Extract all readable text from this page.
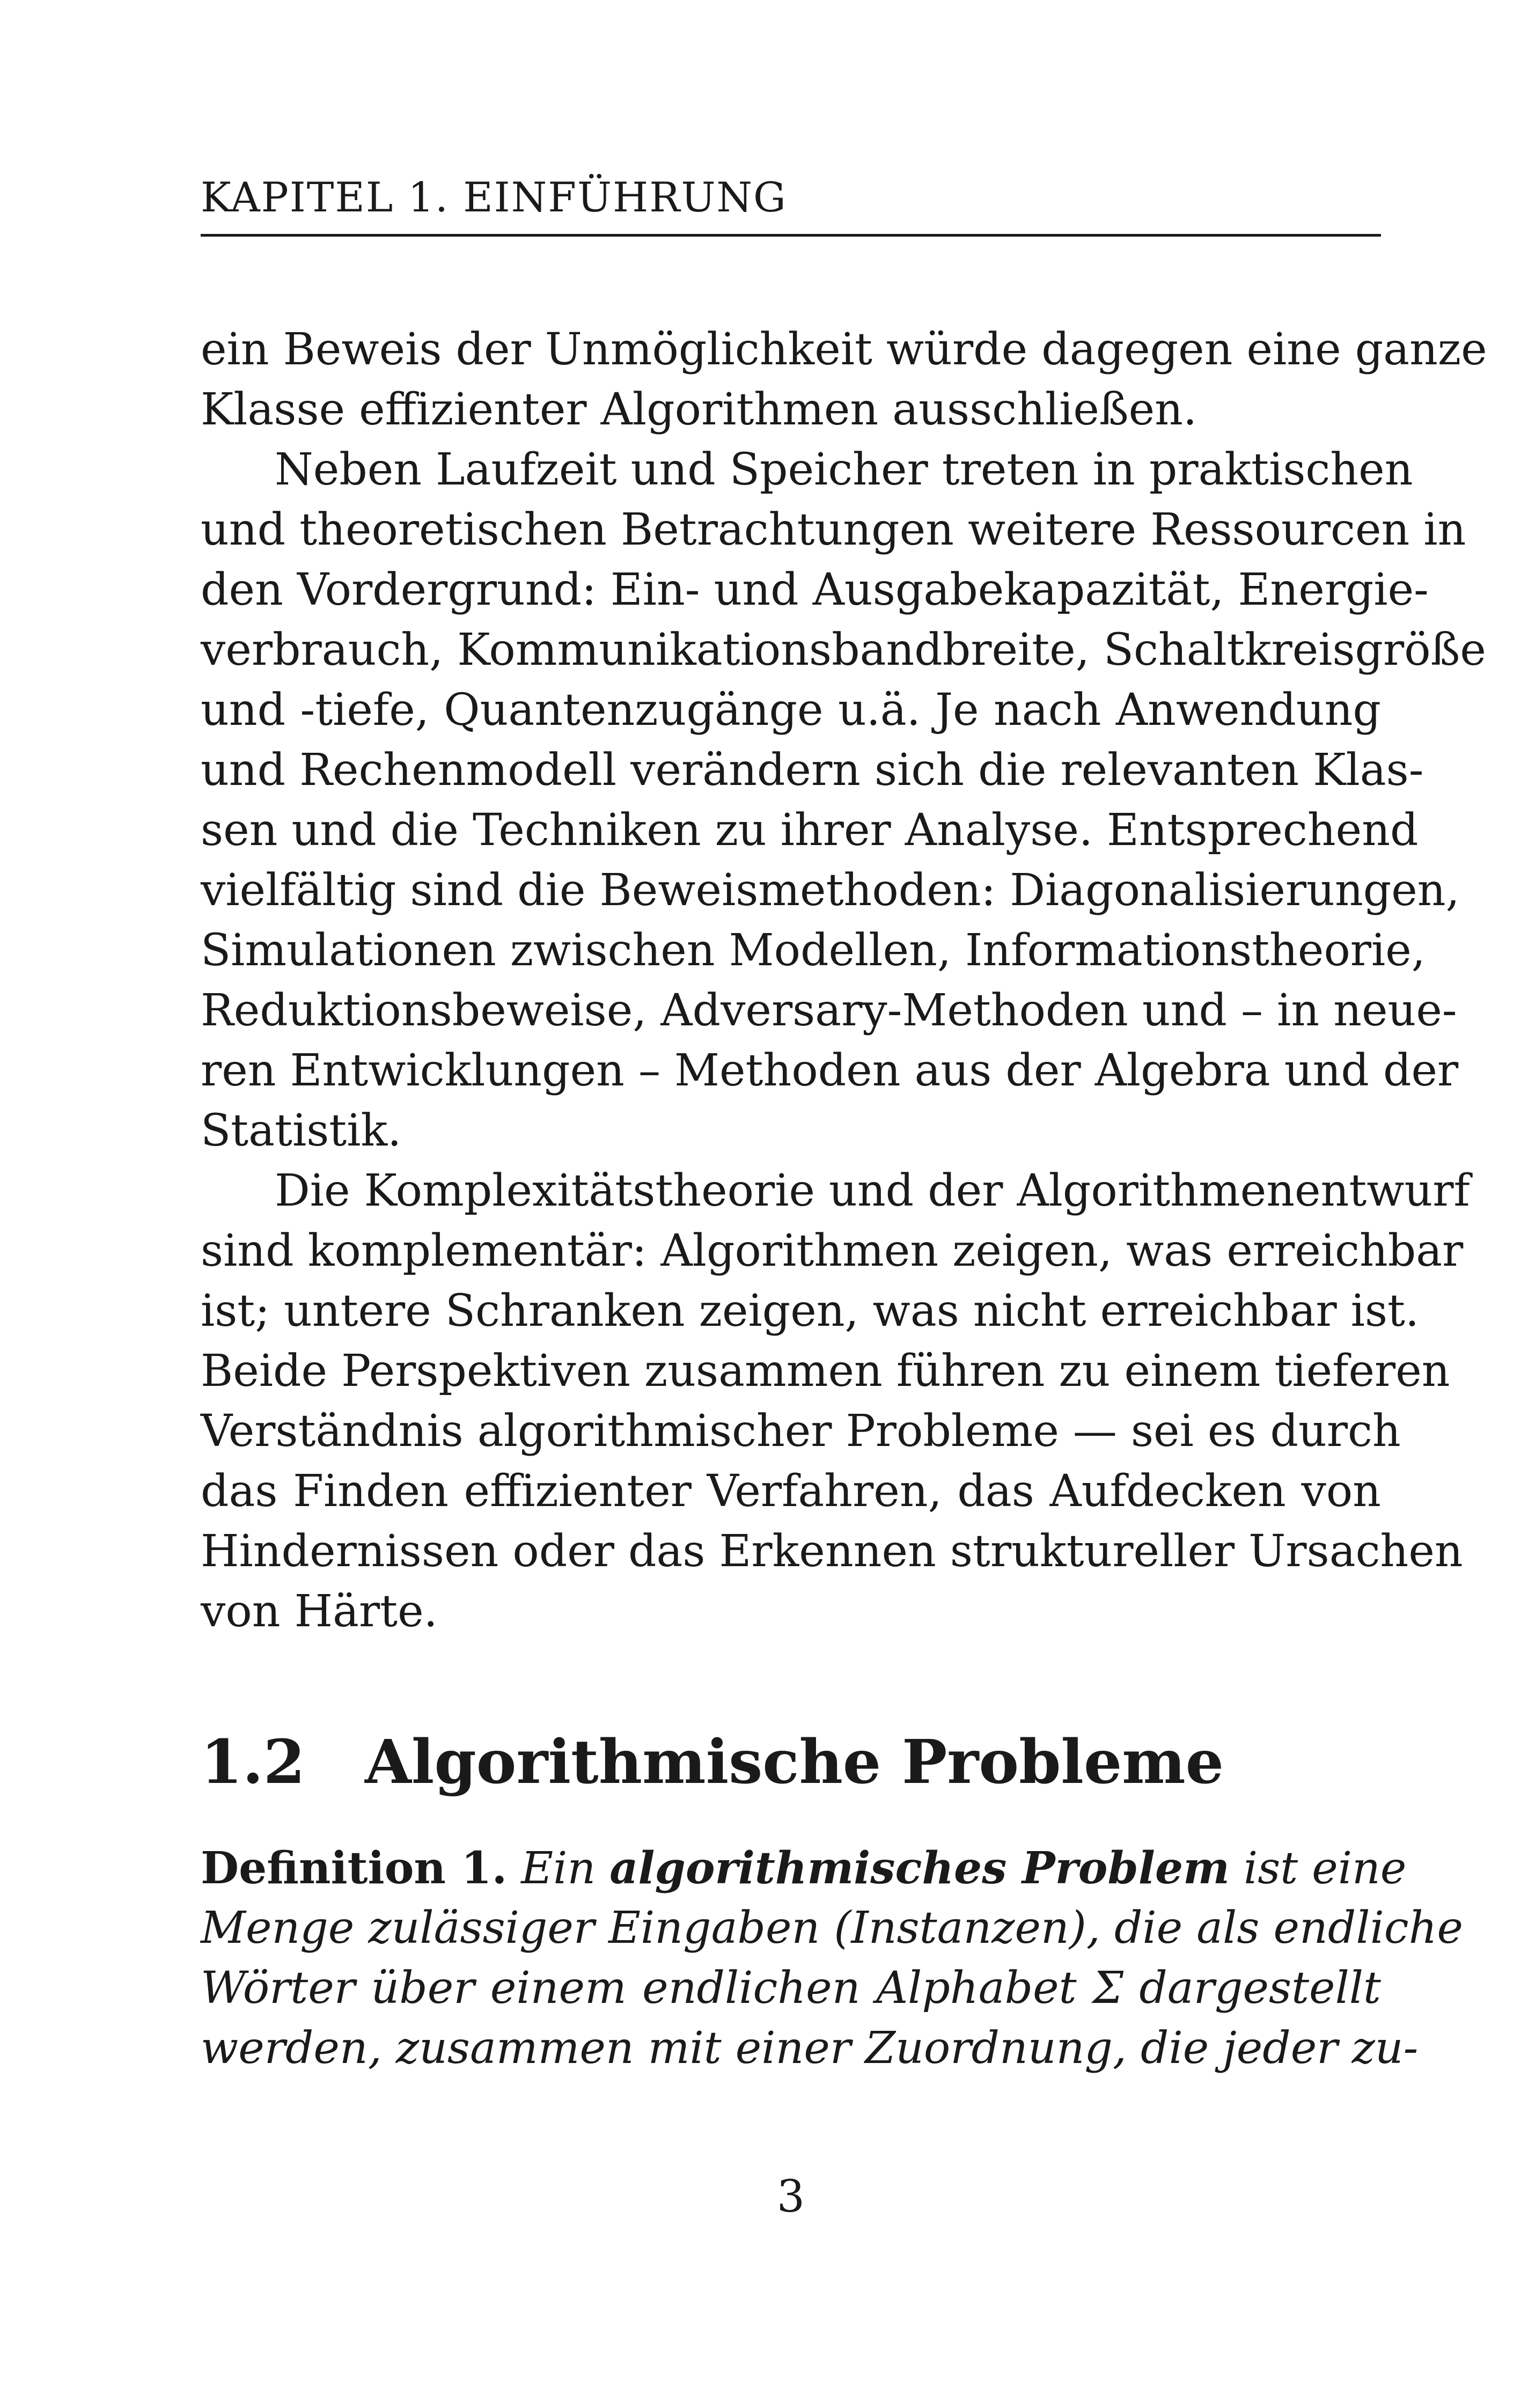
KAPITEL 1. EINFÜHRUNG
ein Beweis der Unmöglichkeit würde dagegen eine ganze
Klasse effizienter Algorithmen ausschließen.
Neben Laufzeit und Speicher treten in praktischen
und theoretischen Betrachtungen weitere Ressourcen in
den Vordergrund: Ein- und Ausgabekapazität, Energie-
verbrauch, Kommunikationsbandbreite, Schaltkreisgröße
und -tiefe, Quantenzugänge u.ä. Je nach Anwendung
und Rechenmodell verändern sich die relevanten Klas-
sen und die Techniken zu ihrer Analyse. Entsprechend
vielfältig sind die Beweismethoden: Diagonalisierungen,
Simulationen zwischen Modellen, Informationstheorie,
Reduktionsbeweise, Adversary-Methoden und – in neue-
ren Entwicklungen – Methoden aus der Algebra und der
Statistik.
Die Komplexitätstheorie und der Algorithmenentwurf
sind komplementär: Algorithmen zeigen, was erreichbar
ist; untere Schranken zeigen, was nicht erreichbar ist.
Beide Perspektiven zusammen führen zu einem tieferen
Verständnis algorithmischer Probleme — sei es durch
das Finden effizienter Verfahren, das Aufdecken von
Hindernissen oder das Erkennen struktureller Ursachen
von Härte.
1.2 Algorithmische Probleme
Definition 1. Ein algorithmisches Problem ist eine
Menge zulässiger Eingaben (Instanzen), die als endliche
Wörter über einem endlichen Alphabet Σ dargestellt
werden, zusammen mit einer Zuordnung, die jeder zu-
3
